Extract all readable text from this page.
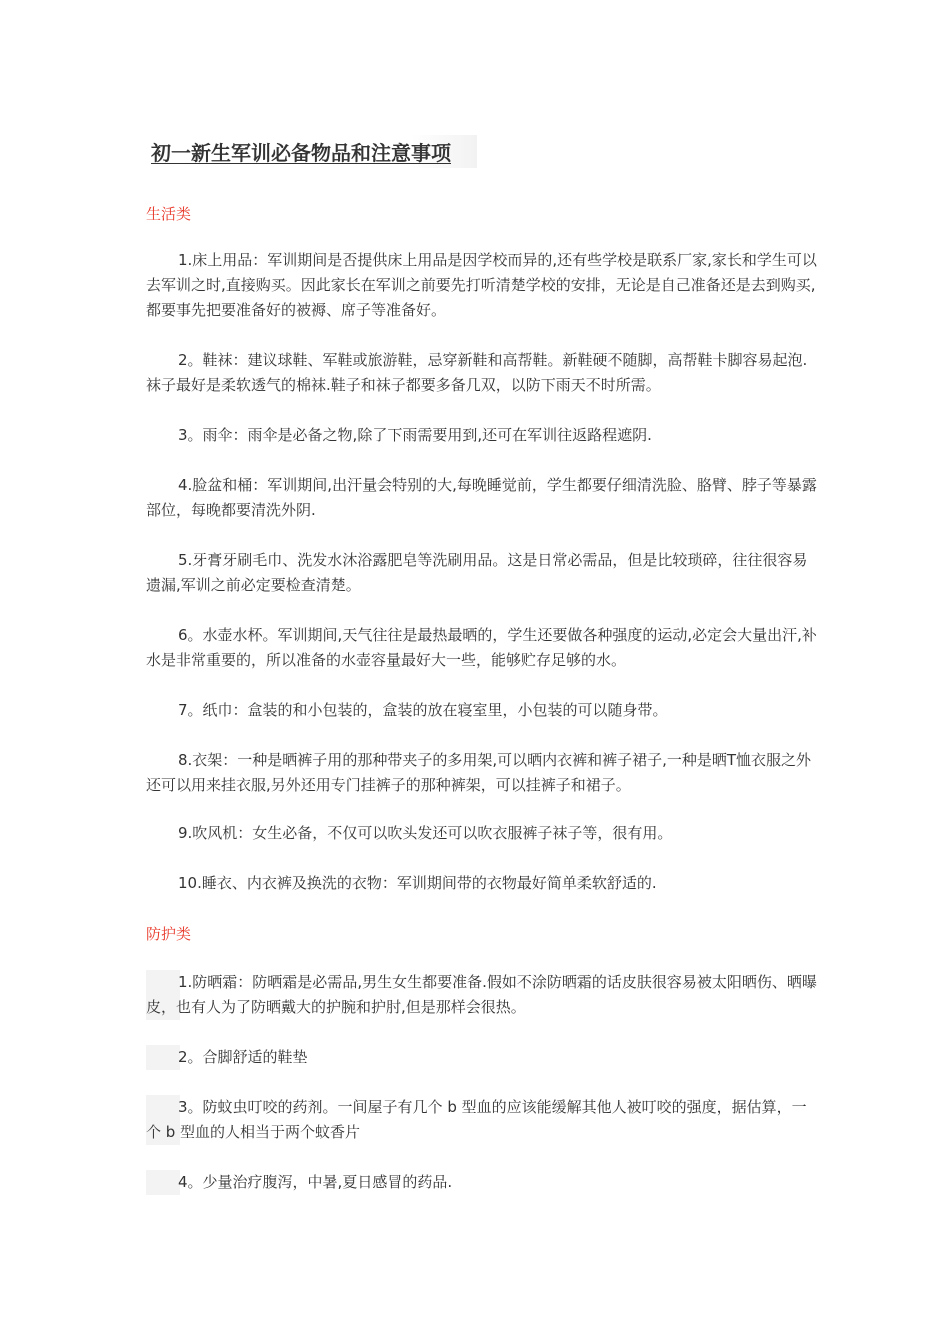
初一新生军训必备物品和注意事项
生活类

1.床上用品：军训期间是否提供床上用品是因学校而异的,还有些学校是联系厂家,家长和学生可以去军训之时,直接购买。因此家长在军训之前要先打听清楚学校的安排，无论是自己准备还是去到购买,都要事先把要准备好的被褥、席子等准备好。

2。鞋袜：建议球鞋、军鞋或旅游鞋，忌穿新鞋和高帮鞋。新鞋硬不随脚，高帮鞋卡脚容易起泡.袜子最好是柔软透气的棉袜.鞋子和袜子都要多备几双，以防下雨天不时所需。

3。雨伞：雨伞是必备之物,除了下雨需要用到,还可在军训往返路程遮阴.

4.脸盆和桶：军训期间,出汗量会特别的大,每晚睡觉前，学生都要仔细清洗脸、胳臂、脖子等暴露部位，每晚都要清洗外阴.

5.牙膏牙刷毛巾、洗发水沐浴露肥皂等洗刷用品。这是日常必需品，但是比较琐碎，往往很容易遗漏,军训之前必定要检查清楚。

6。水壶水杯。军训期间,天气往往是最热最晒的，学生还要做各种强度的运动,必定会大量出汗,补水是非常重要的，所以准备的水壶容量最好大一些，能够贮存足够的水。

7。纸巾：盒装的和小包装的，盒装的放在寝室里，小包装的可以随身带。

8.衣架：一种是晒裤子用的那种带夹子的多用架,可以晒内衣裤和裤子裙子,一种是晒T恤衣服之外还可以用来挂衣服,另外还用专门挂裤子的那种裤架，可以挂裤子和裙子。

9.吹风机：女生必备，不仅可以吹头发还可以吹衣服裤子袜子等，很有用。

10.睡衣、内衣裤及换洗的衣物：军训期间带的衣物最好简单柔软舒适的.

防护类

1.防晒霜：防晒霜是必需品,男生女生都要准备.假如不涂防晒霜的话皮肤很容易被太阳晒伤、晒曝皮，也有人为了防晒戴大的护腕和护肘,但是那样会很热。

2。合脚舒适的鞋垫

3。防蚊虫叮咬的药剂。一间屋子有几个 b 型血的应该能缓解其他人被叮咬的强度，据估算，一个 b 型血的人相当于两个蚊香片

4。少量治疗腹泻，中暑,夏日感冒的药品.
